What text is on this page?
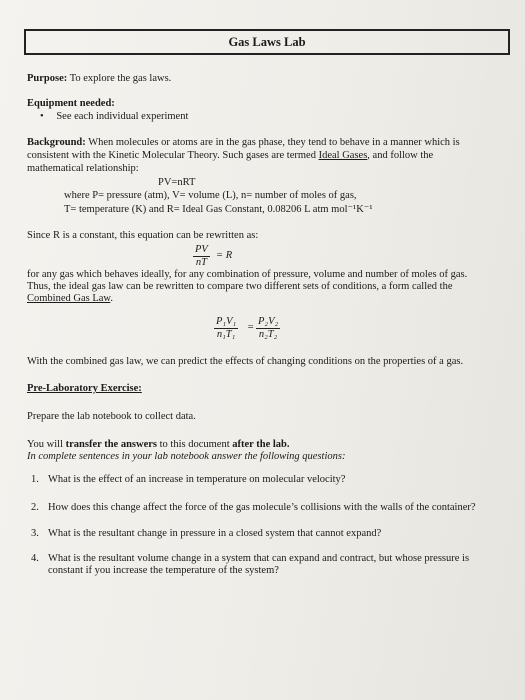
Gas Laws Lab
Purpose: To explore the gas laws.
Equipment needed:
• See each individual experiment
Background: When molecules or atoms are in the gas phase, they tend to behave in a manner which is
consistent with the Kinetic Molecular Theory. Such gases are termed Ideal Gases, and follow the
mathematical relationship:
PV=nRT
where P= pressure (atm), V= volume (L), n= number of moles of gas,
T= temperature (K) and R= Ideal Gas Constant, 0.08206 L atm mol⁻¹K⁻¹
Since R is a constant, this equation can be rewritten as:
$\frac{PV}{nT} = R$
for any gas which behaves ideally, for any combination of pressure, volume and number of moles of gas.
Thus, the ideal gas law can be rewritten to compare two different sets of conditions, a form called the
Combined Gas Law.
$\frac{\text{P₁V₁}}{\text{n₁T₁}} = \frac{\text{P₂V₂}}{\text{n₂T₂}}$
With the combined gas law, we can predict the effects of changing conditions on the properties of a gas.
Pre-Laboratory Exercise:
Prepare the lab notebook to collect data.
You will transfer the answers to this document after the lab.
In complete sentences in your lab notebook answer the following questions:
1. What is the effect of an increase in temperature on molecular velocity?
2. How does this change affect the force of the gas molecule’s collisions with the walls of the container?
3. What is the resultant change in pressure in a closed system that cannot expand?
4. What is the resultant volume change in a system that can expand and contract, but whose pressure is constant if you increase the temperature of the system?
